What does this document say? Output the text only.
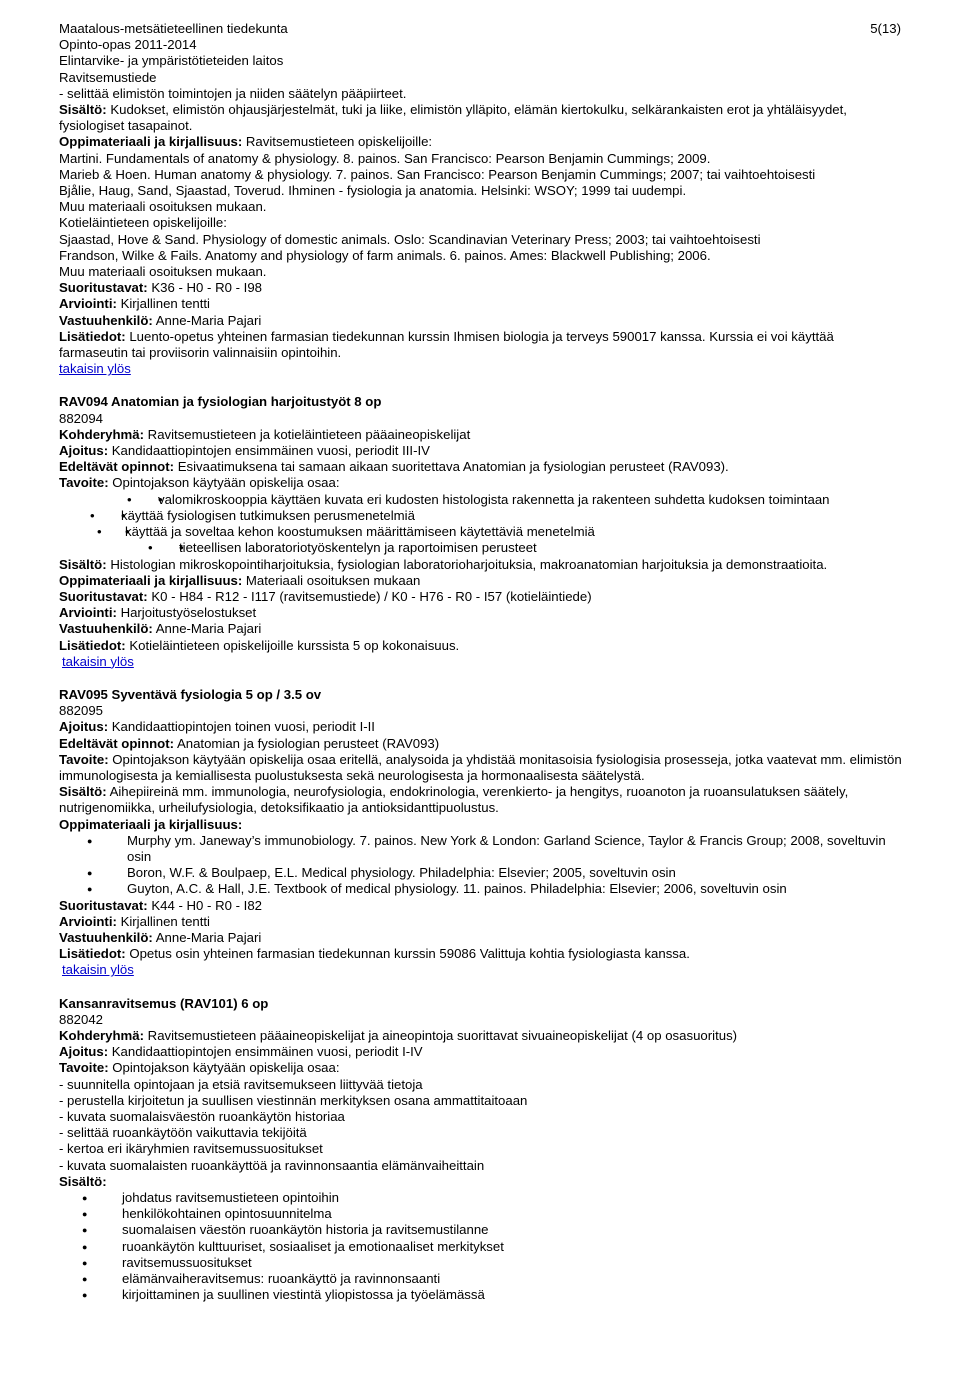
5(13)
Maatalous-metsätieteellinen tiedekunta
Opinto-opas 2011-2014
Elintarvike- ja ympäristötieteiden laitos
Ravitsemustiede
- selittää elimistön toimintojen ja niiden säätelyn pääpiirteet.
Sisältö: Kudokset, elimistön ohjausjärjestelmät, tuki ja liike, elimistön ylläpito, elämän kiertokulku, selkärankaisten erot ja yhtäläisyydet, fysiologiset tasapainot.
Oppimateriaali ja kirjallisuus: Ravitsemustieteen opiskelijoille:
Martini. Fundamentals of anatomy & physiology. 8. painos. San Francisco: Pearson Benjamin Cummings; 2009.
Marieb & Hoen. Human anatomy & physiology. 7. painos. San Francisco: Pearson Benjamin Cummings; 2007; tai vaihtoehtoisesti
Bjålie, Haug, Sand, Sjaastad, Toverud. Ihminen - fysiologia ja anatomia. Helsinki: WSOY; 1999 tai uudempi.
Muu materiaali osoituksen mukaan.
Kotieläintieteen opiskelijoille:
Sjaastad, Hove & Sand. Physiology of domestic animals. Oslo: Scandinavian Veterinary Press; 2003; tai vaihtoehtoisesti
Frandson, Wilke & Fails. Anatomy and physiology of farm animals. 6. painos. Ames: Blackwell Publishing; 2006.
Muu materiaali osoituksen mukaan.
Suoritustavat: K36 - H0 - R0 - I98
Arviointi: Kirjallinen tentti
Vastuuhenkilö: Anne-Maria Pajari
Lisätiedot: Luento-opetus yhteinen farmasian tiedekunnan kurssin Ihmisen biologia ja terveys 590017 kanssa. Kurssia ei voi käyttää farmaseutin tai proviisorin valinnaisiin opintoihin.
takaisin ylös
RAV094 Anatomian ja fysiologian harjoitustyöt 8 op
882094
Kohderyhmä: Ravitsemustieteen ja kotieläintieteen pääaineopiskelijat
Ajoitus: Kandidaattiopintojen ensimmäinen vuosi, periodit III-IV
Edeltävät opinnot: Esivaatimuksena tai samaan aikaan suoritettava Anatomian ja fysiologian perusteet (RAV093).
Tavoite: Opintojakson käytyään opiskelija osaa:
• • valomikroskooppia käyttäen kuvata eri kudosten histologista rakennetta ja rakenteen suhdetta kudoksen toimintaan
• • käyttää fysiologisen tutkimuksen perusmenetelmiä
• • käyttää ja soveltaa kehon koostumuksen määrittämiseen käytettäviä menetelmiä
• • tieteellisen laboratoriotyöskentelyn ja raportoimisen perusteet
Sisältö: Histologian mikroskopointiharjoituksia, fysiologian laboratorioharjoituksia, makroanatomian harjoituksia ja demonstraatioita.
Oppimateriaali ja kirjallisuus: Materiaali osoituksen mukaan
Suoritustavat: K0 - H84 - R12 - I117 (ravitsemustiede) / K0 - H76 - R0 - I57 (kotieläintiede)
Arviointi: Harjoitustyöselostukset
Vastuuhenkilö: Anne-Maria Pajari
Lisätiedot: Kotieläintieteen opiskelijoille kurssista 5 op kokonaisuus.
takaisin ylös
RAV095 Syventävä fysiologia 5 op / 3.5 ov
882095
Ajoitus: Kandidaattiopintojen toinen vuosi, periodit I-II
Edeltävät opinnot: Anatomian ja fysiologian perusteet (RAV093)
Tavoite: Opintojakson käytyään opiskelija osaa eritellä, analysoida ja yhdistää monitasoisia fysiologisia prosesseja, jotka vaatevat mm. elimistön immunologisesta ja kemiallisesta puolustuksesta sekä neurologisesta ja hormonaalisesta säätelystä.
Sisältö: Aihepiireinä mm. immunologia, neurofysiologia, endokrinologia, verenkierto- ja hengitys, ruoanoton ja ruoansulatuksen säätely, nutrigenomiikka, urheilufysiologia, detoksifikaatio ja antioksidanttipuolustus.
Oppimateriaali ja kirjallisuus:
● Murphy ym. Janeway’s immunobiology. 7. painos. New York & London: Garland Science, Taylor & Francis Group; 2008, soveltuvin osin
● Boron, W.F. & Boulpaep, E.L. Medical physiology. Philadelphia: Elsevier; 2005, soveltuvin osin
● Guyton, A.C. & Hall, J.E. Textbook of medical physiology. 11. painos. Philadelphia: Elsevier; 2006, soveltuvin osin
Suoritustavat: K44 - H0 - R0 - I82
Arviointi: Kirjallinen tentti
Vastuuhenkilö: Anne-Maria Pajari
Lisätiedot: Opetus osin yhteinen farmasian tiedekunnan kurssin 59086 Valittuja kohtia fysiologiasta kanssa.
takaisin ylös
Kansanravitsemus (RAV101) 6 op
882042
Kohderyhmä: Ravitsemustieteen pääaineopiskelijat ja aineopintoja suorittavat sivuaineopiskelijat (4 op osasuoritus)
Ajoitus: Kandidaattiopintojen ensimmäinen vuosi, periodit I-IV
Tavoite: Opintojakson käytyään opiskelija osaa:
- suunnitella opintojaan ja etsiä ravitsemukseen liittyvää tietoja
- perustella kirjoitetun ja suullisen viestinnän merkityksen osana ammattitaitoaan
- kuvata suomalaisväestön ruoankäytön historiaa
- selittää ruoankäytöön vaikuttavia tekijöitä
- kertoa eri ikäryhmien ravitsemussuositukset
- kuvata suomalaisten ruoankäyttöä ja ravinnonsaantia elämänvaiheittain
Sisältö:
● johdatus ravitsemustieteen opintoihin
● henkilökohtainen opintosuunnitelma
● suomalaisen väestön ruoankäytön historia ja ravitsemustilanne
● ruoankäytön kulttuuriset, sosiaaliset ja emotionaaliset merkitykset
● ravitsemussuositukset
● elämänvaiheravitsemus: ruoankäyttö ja ravinnonsaanti
● kirjoittaminen ja suullinen viestintä yliopistossa ja työelämässä
